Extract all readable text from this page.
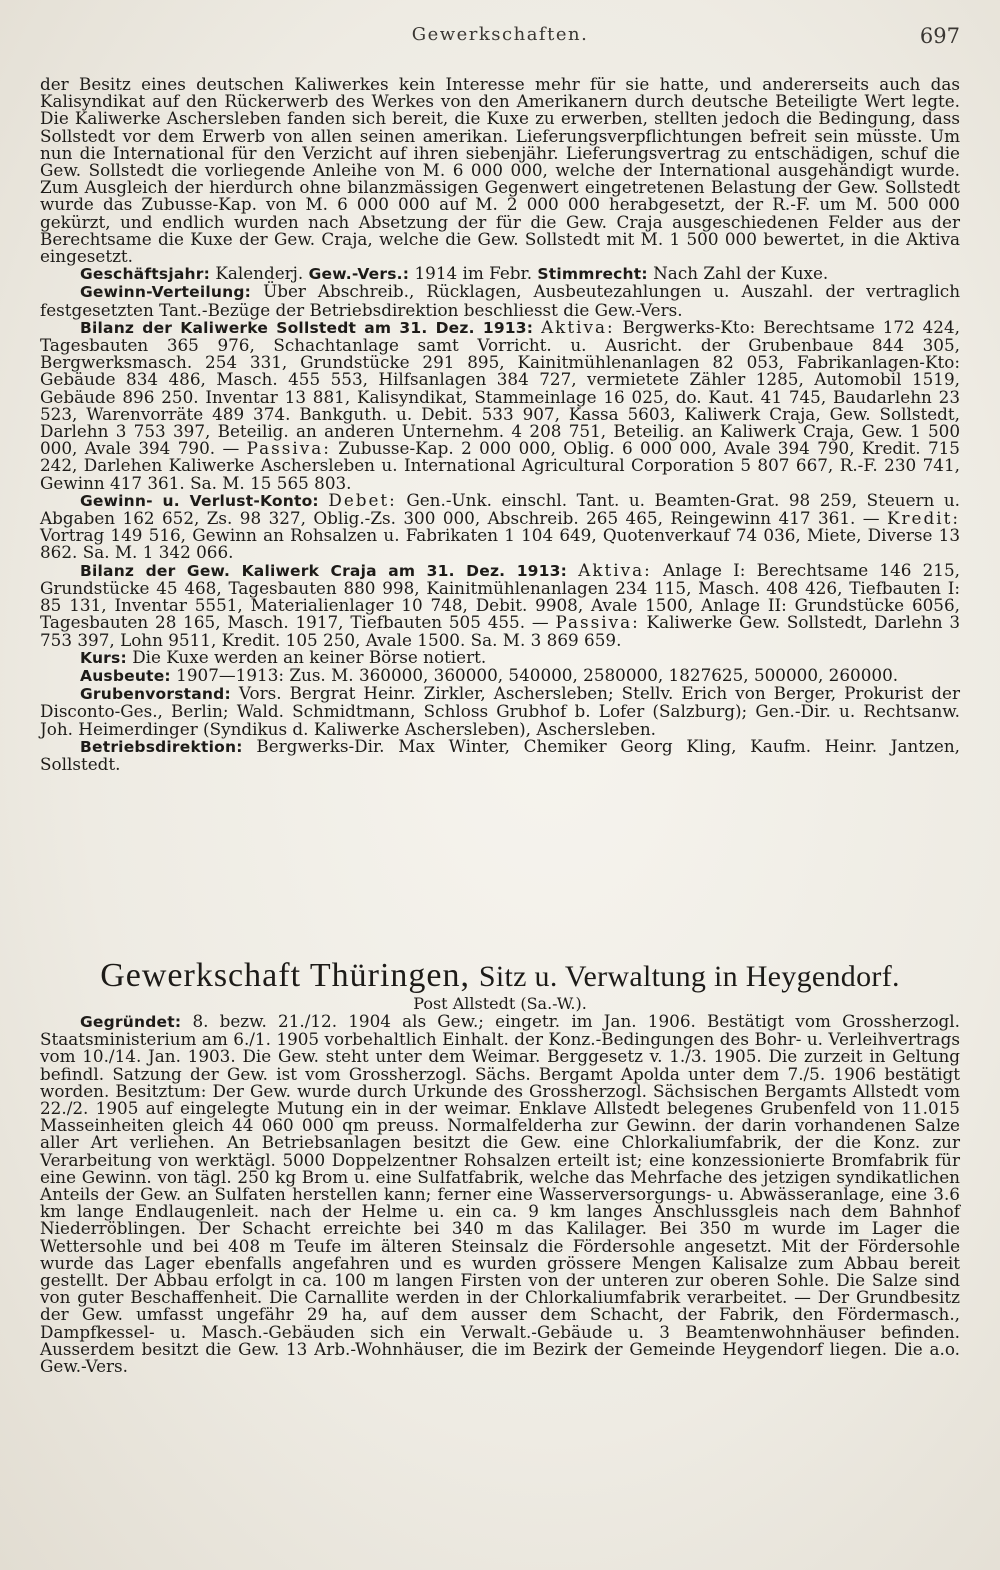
Gewerkschaften.	697

der Besitz eines deutschen Kaliwerkes kein Interesse mehr für sie hatte, und andererseits auch das Kalisyndikat auf den Rückerwerb des Werkes von den Amerikanern durch deutsche Beteiligte Wert legte. Die Kaliwerke Aschersleben fanden sich bereit, die Kuxe zu erwerben, stellten jedoch die Bedingung, dass Sollstedt vor dem Erwerb von allen seinen amerikan. Lieferungsverpflichtungen befreit sein müsste. Um nun die International für den Verzicht auf ihren siebenjähr. Lieferungsvertrag zu entschädigen, schuf die Gew. Sollstedt die vorliegende Anleihe von M. 6 000 000, welche der International ausgehändigt wurde. Zum Ausgleich der hierdurch ohne bilanzmässigen Gegenwert eingetretenen Belastung der Gew. Sollstedt wurde das Zubusse-Kap. von M. 6 000 000 auf M. 2 000 000 herabgesetzt, der R.-F. um M. 500 000 gekürzt, und endlich wurden nach Absetzung der für die Gew. Craja ausgeschiedenen Felder aus der Berechtsame die Kuxe der Gew. Craja, welche die Gew. Sollstedt mit M. 1 500 000 bewertet, in die Aktiva eingesetzt.

Geschäftsjahr: Kalenderj. Gew.-Vers.: 1914 im Febr. Stimmrecht: Nach Zahl der Kuxe.

Gewinn-Verteilung: Über Abschreib., Rücklagen, Ausbeutezahlungen u. Auszahl. der vertraglich festgesetzten Tant.-Bezüge der Betriebsdirektion beschliesst die Gew.-Vers.

Bilanz der Kaliwerke Sollstedt am 31. Dez. 1913: Aktiva: Bergwerks-Kto: Berechtsame 172 424, Tagesbauten 365 976, Schachtanlage samt Vorricht. u. Ausricht. der Grubenbaue 844 305, Bergwerksmasch. 254 331, Grundstücke 291 895, Kainitmühlenanlagen 82 053, Fabrikanlagen-Kto: Gebäude 834 486, Masch. 455 553, Hilfsanlagen 384 727, vermietete Zähler 1285, Automobil 1519, Gebäude 896 250. Inventar 13 881, Kalisyndikat, Stammeinlage 16 025, do. Kaut. 41 745, Baudarlehn 23 523, Warenvorräte 489 374. Bankguth. u. Debit. 533 907, Kassa 5603, Kaliwerk Craja, Gew. Sollstedt, Darlehn 3 753 397, Beteilig. an anderen Unternehm. 4 208 751, Beteilig. an Kaliwerk Craja, Gew. 1 500 000, Avale 394 790. — Passiva: Zubusse-Kap. 2 000 000, Oblig. 6 000 000, Avale 394 790, Kredit. 715 242, Darlehen Kaliwerke Aschersleben u. International Agricultural Corporation 5 807 667, R.-F. 230 741, Gewinn 417 361. Sa. M. 15 565 803.

Gewinn- u. Verlust-Konto: Debet: Gen.-Unk. einschl. Tant. u. Beamten-Grat. 98 259, Steuern u. Abgaben 162 652, Zs. 98 327, Oblig.-Zs. 300 000, Abschreib. 265 465, Reingewinn 417 361. — Kredit: Vortrag 149 516, Gewinn an Rohsalzen u. Fabrikaten 1 104 649, Quotenverkauf 74 036, Miete, Diverse 13 862. Sa. M. 1 342 066.

Bilanz der Gew. Kaliwerk Craja am 31. Dez. 1913: Aktiva: Anlage I: Berechtsame 146 215, Grundstücke 45 468, Tagesbauten 880 998, Kainitmühlenanlagen 234 115, Masch. 408 426, Tiefbauten I: 85 131, Inventar 5551, Materialienlager 10 748, Debit. 9908, Avale 1500, Anlage II: Grundstücke 6056, Tagesbauten 28 165, Masch. 1917, Tiefbauten 505 455. — Passiva: Kaliwerke Gew. Sollstedt, Darlehn 3 753 397, Lohn 9511, Kredit. 105 250, Avale 1500. Sa. M. 3 869 659.

Kurs: Die Kuxe werden an keiner Börse notiert.

Ausbeute: 1907—1913: Zus. M. 360000, 360000, 540000, 2580000, 1827625, 500000, 260000.

Grubenvorstand: Vors. Bergrat Heinr. Zirkler, Aschersleben; Stellv. Erich von Berger, Prokurist der Disconto-Ges., Berlin; Wald. Schmidtmann, Schloss Grubhof b. Lofer (Salzburg); Gen.-Dir. u. Rechtsanw. Joh. Heimerdinger (Syndikus d. Kaliwerke Aschersleben), Aschersleben.

Betriebsdirektion: Bergwerks-Dir. Max Winter, Chemiker Georg Kling, Kaufm. Heinr. Jantzen, Sollstedt.

Gewerkschaft Thüringen, Sitz u. Verwaltung in Heygendorf.
Post Allstedt (Sa.-W.).

Gegründet: 8. bezw. 21./12. 1904 als Gew.; eingetr. im Jan. 1906. Bestätigt vom Grossherzogl. Staatsministerium am 6./1. 1905 vorbehaltlich Einhalt. der Konz.-Bedingungen des Bohr- u. Verleihvertrags vom 10./14. Jan. 1903. Die Gew. steht unter dem Weimar. Berggesetz v. 1./3. 1905. Die zurzeit in Geltung befindl. Satzung der Gew. ist vom Grossherzogl. Sächs. Bergamt Apolda unter dem 7./5. 1906 bestätigt worden. Besitztum: Der Gew. wurde durch Urkunde des Grossherzogl. Sächsischen Bergamts Allstedt vom 22./2. 1905 auf eingelegte Mutung ein in der weimar. Enklave Allstedt belegenes Grubenfeld von 11.015 Masseinheiten gleich 44 060 000 qm preuss. Normalfelderha zur Gewinn. der darin vorhandenen Salze aller Art verliehen. An Betriebsanlagen besitzt die Gew. eine Chlorkaliumfabrik, der die Konz. zur Verarbeitung von werktägl. 5000 Doppelzentner Rohsalzen erteilt ist; eine konzessionierte Bromfabrik für eine Gewinn. von tägl. 250 kg Brom u. eine Sulfatfabrik, welche das Mehrfache des jetzigen syndikatlichen Anteils der Gew. an Sulfaten herstellen kann; ferner eine Wasserversorgungs- u. Abwässeranlage, eine 3.6 km lange Endlaugenleit. nach der Helme u. ein ca. 9 km langes Anschlussgleis nach dem Bahnhof Niederröblingen. Der Schacht erreichte bei 340 m das Kalilager. Bei 350 m wurde im Lager die Wettersohle und bei 408 m Teufe im älteren Steinsalz die Fördersohle angesetzt. Mit der Fördersohle wurde das Lager ebenfalls angefahren und es wurden grössere Mengen Kalisalze zum Abbau bereit gestellt. Der Abbau erfolgt in ca. 100 m langen Firsten von der unteren zur oberen Sohle. Die Salze sind von guter Beschaffenheit. Die Carnallite werden in der Chlorkaliumfabrik verarbeitet. — Der Grundbesitz der Gew. umfasst ungefähr 29 ha, auf dem ausser dem Schacht, der Fabrik, den Fördermasch., Dampfkessel- u. Masch.-Gebäuden sich ein Verwalt.-Gebäude u. 3 Beamtenwohnhäuser befinden. Ausserdem besitzt die Gew. 13 Arb.-Wohnhäuser, die im Bezirk der Gemeinde Heygendorf liegen. Die a.o. Gew.-Vers.
